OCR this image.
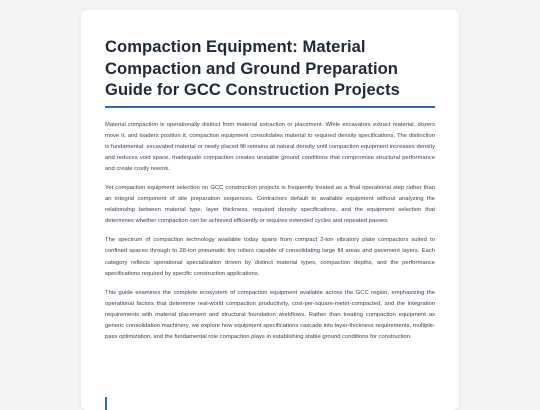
Compaction Equipment: Material Compaction and Ground Preparation Guide for GCC Construction Projects

Material compaction is operationally distinct from material extraction or placement. While excavators extract material, dozers move it, and loaders position it, compaction equipment consolidates material to required density specifications. The distinction is fundamental: excavated material or newly placed fill remains at natural density until compaction equipment increases density and reduces void space. Inadequate compaction creates unstable ground conditions that compromise structural performance and create costly rework.

Yet compaction equipment selection on GCC construction projects is frequently treated as a final operational step rather than an integral component of site preparation sequences. Contractors default to available equipment without analyzing the relationship between material type, layer thickness, required density specifications, and the equipment selection that determines whether compaction can be achieved efficiently or requires extended cycles and repeated passes.

The spectrum of compaction technology available today spans from compact 2-ton vibratory plate compactors suited to confined spaces through to 28-ton pneumatic tire rollers capable of consolidating large fill areas and pavement layers. Each category reflects operational specialization driven by distinct material types, compaction depths, and the performance specifications required by specific construction applications.

This guide examines the complete ecosystem of compaction equipment available across the GCC region, emphasizing the operational factors that determine real-world compaction productivity, cost-per-square-meter-compacted, and the integration requirements with material placement and structural foundation workflows. Rather than treating compaction equipment as generic consolidation machinery, we explore how equipment specifications cascade into layer-thickness requirements, multiple-pass optimization, and the fundamental role compaction plays in establishing stable ground conditions for construction.
